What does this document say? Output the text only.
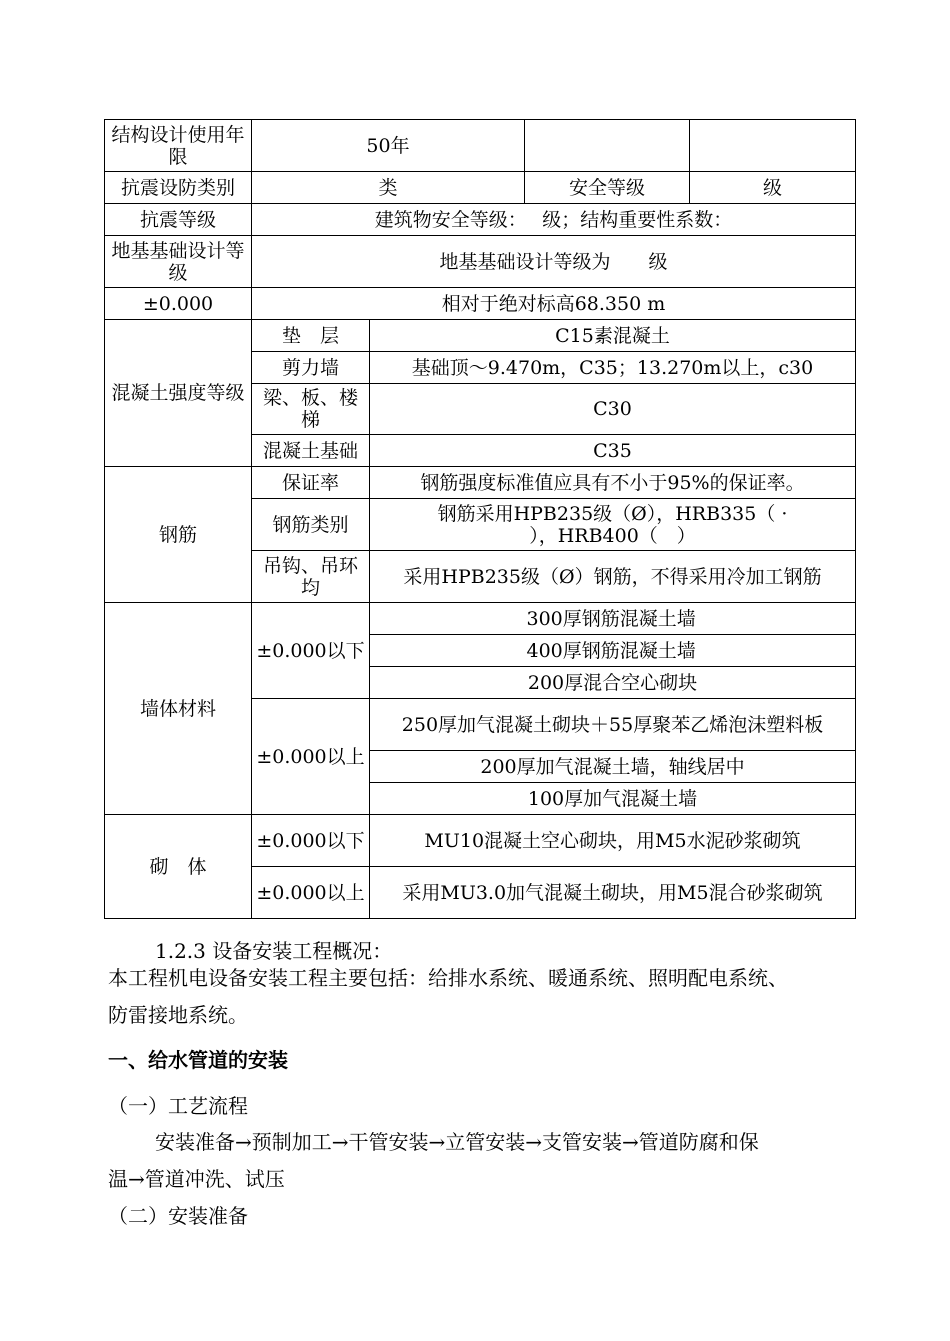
结构设计使用年限	50年			
抗震设防类别	类		安全等级	级
抗震等级	建筑物安全等级：　 级；结构重要性系数：			
地基基础设计等级	地基基础设计等级为　　级			
±0.000	相对于绝对标高68.350 m			
混凝土强度等级	垫　层	C15素混凝土		
	剪力墙	基础顶～9.470m，C35；13.270m以上，c30		
	梁、板、楼梯	C30		
	混凝土基础	C35		
钢筋	保证率	钢筋强度标准值应具有不小于95%的保证率。		
	钢筋类别	钢筋采用HPB235级（Ø），HRB335（ · ），HRB400（　）		
	吊钩、吊环均	采用HPB235级（Ø）钢筋，不得采用冷加工钢筋		
墙体材料	±0.000以下		300厚钢筋混凝土墙	
			400厚钢筋混凝土墙	
		200厚混合空心砌块		
	±0.000以上	250厚加气混凝土砌块＋55厚聚苯乙烯泡沫塑料板		
		200厚加气混凝土墙，轴线居中		
		100厚加气混凝土墙		
砌　体	±0.000以下	MU10混凝土空心砌块，用M5水泥砂浆砌筑		
	±0.000以上	采用MU3.0加气混凝土砌块，用M5混合砂浆砌筑		
1.2.3 设备安装工程概况：
本工程机电设备安装工程主要包括：给排水系统、暖通系统、照明配电系统、
防雷接地系统。
一、给水管道的安装
（一）工艺流程
安装准备→预制加工→干管安装→立管安装→支管安装→管道防腐和保
温→管道冲洗、试压
（二）安装准备
